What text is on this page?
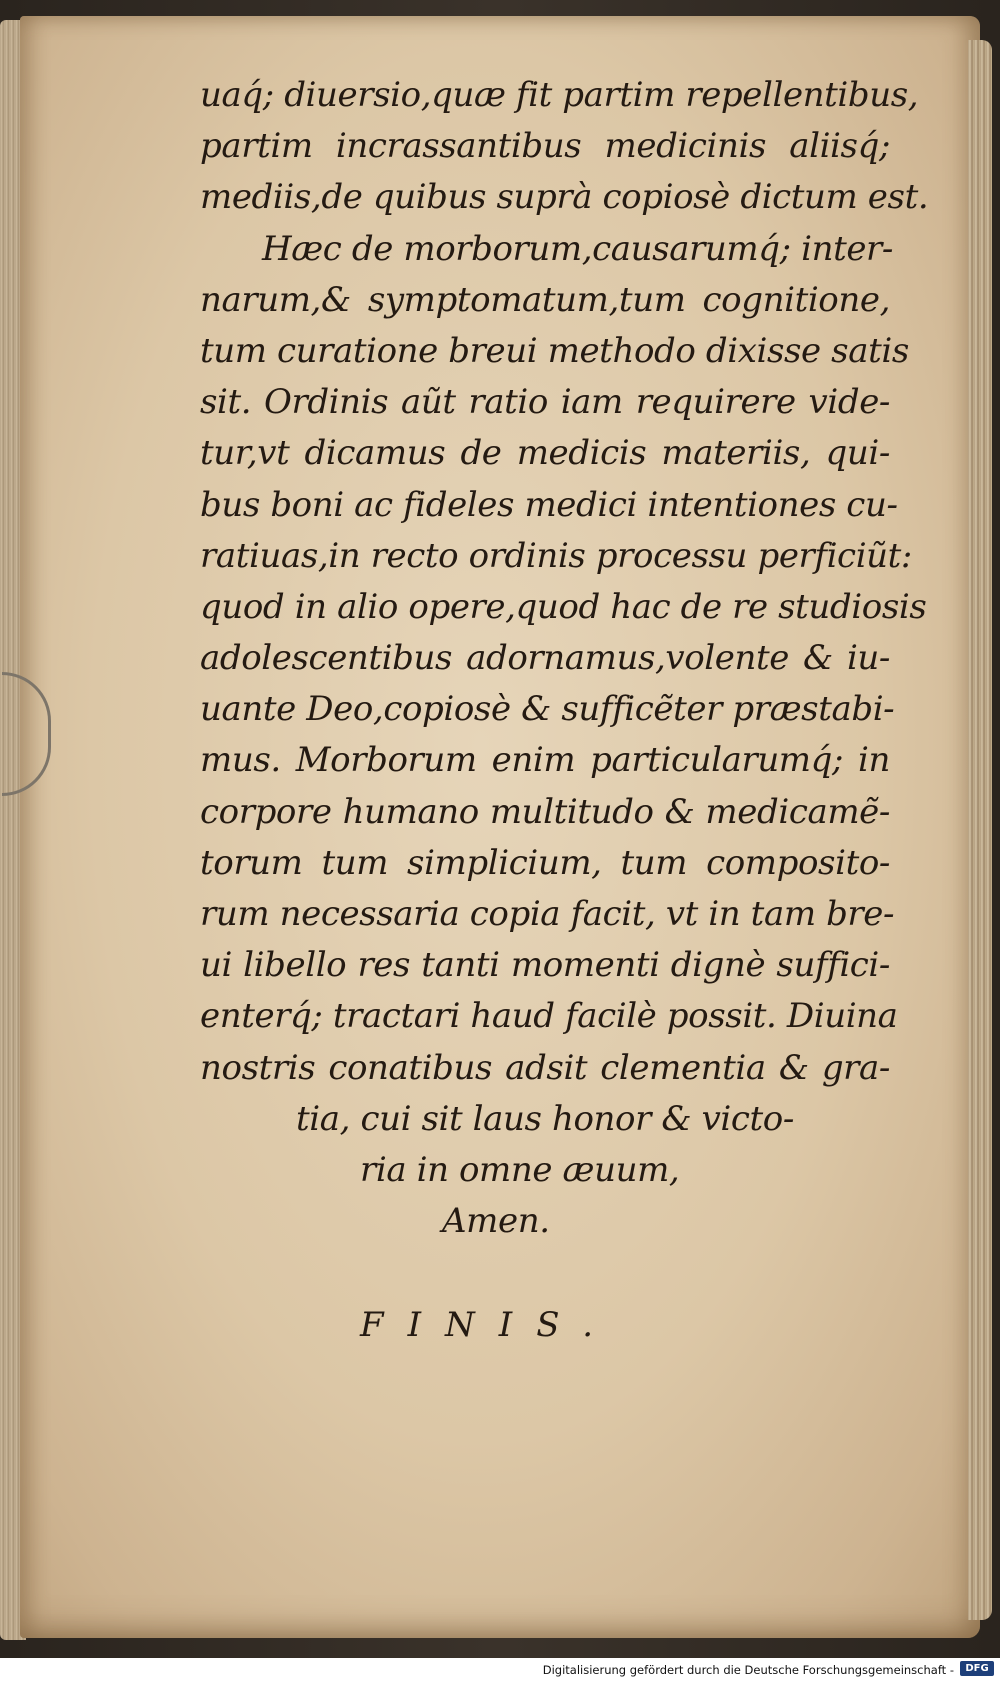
uaq́; diuersio,quæ fit partim repellentibus,
partim incrassantibus medicinis aliisq́;
mediis,de quibus suprà copiosè dictum est.
Hæc de morborum,causarumq́; inter-
narum,& symptomatum,tum cognitione,
tum curatione breui methodo dixisse satis
sit. Ordinis aũt ratio iam requirere vide-
tur,vt dicamus de medicis materiis, qui-
bus boni ac fideles medici intentiones cu-
ratiuas,in recto ordinis processu perficiũt:
quod in alio opere,quod hac de re studiosis
adolescentibus adornamus,volente & iu-
uante Deo,copiosè & sufficẽter præstabi-
mus. Morborum enim particularumq́; in
corpore humano multitudo & medicamẽ-
torum tum simplicium, tum composito-
rum necessaria copia facit, vt in tam bre-
ui libello res tanti momenti dignè suffici-
enterq́; tractari haud facilè possit. Diuina
nostris conatibus adsit clementia & gra-
tia, cui sit laus honor & victo-
ria in omne æuum,
Amen.
FINIS.
Digitalisierung gefördert durch die Deutsche Forschungsgemeinschaft -	DFG
